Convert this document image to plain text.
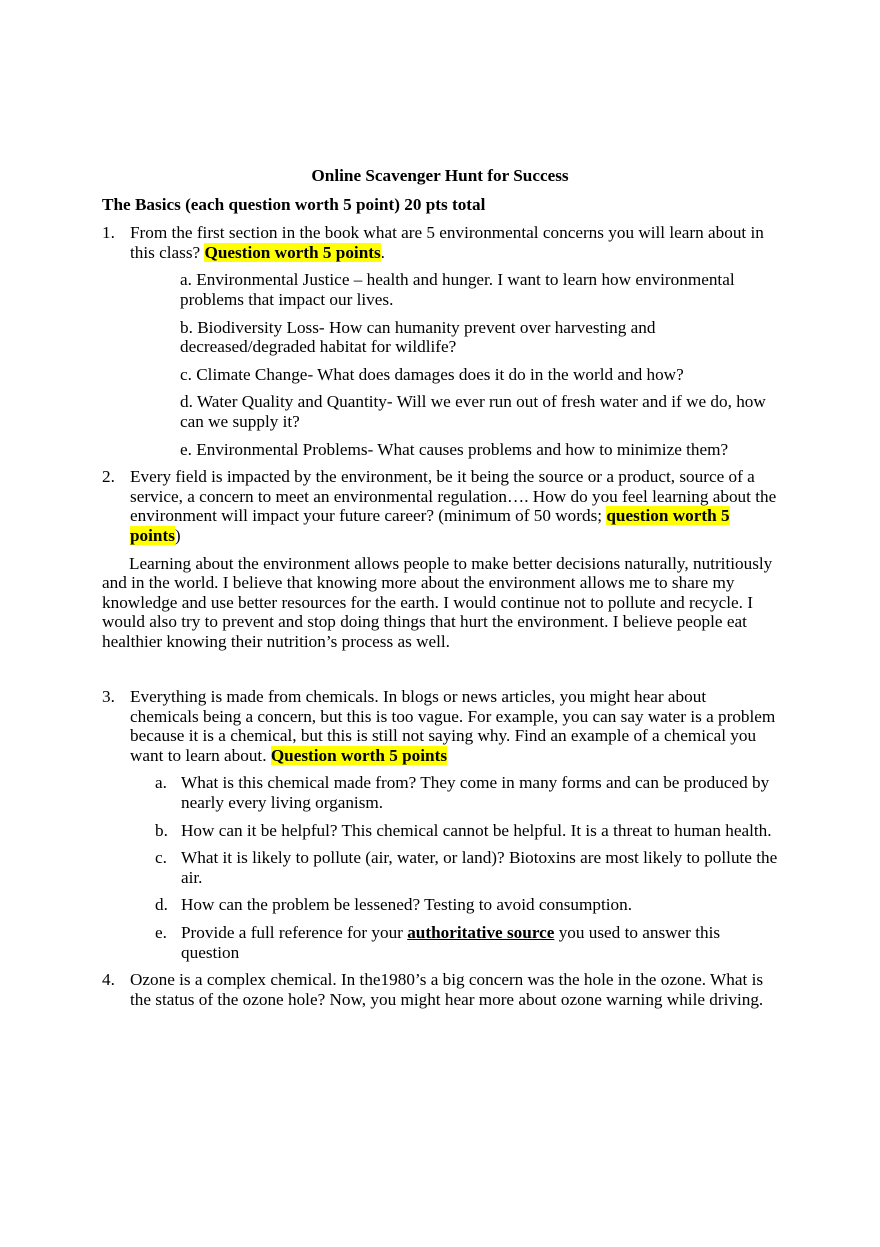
Online Scavenger Hunt for Success

The Basics (each question worth 5 point) 20 pts total

1. From the first section in the book what are 5 environmental concerns you will learn about in this class? Question worth 5 points.
a. Environmental Justice – health and hunger. I want to learn how environmental problems that impact our lives.
b. Biodiversity Loss- How can humanity prevent over harvesting and decreased/degraded habitat for wildlife?
c. Climate Change- What does damages does it do in the world and how?
d. Water Quality and Quantity- Will we ever run out of fresh water and if we do, how can we supply it?
e. Environmental Problems- What causes problems and how to minimize them?
2. Every field is impacted by the environment, be it being the source or a product, source of a service, a concern to meet an environmental regulation…. How do you feel learning about the environment will impact your future career? (minimum of 50 words; question worth 5 points)
Learning about the environment allows people to make better decisions naturally, nutritiously and in the world. I believe that knowing more about the environment allows me to share my knowledge and use better resources for the earth. I would continue not to pollute and recycle. I would also try to prevent and stop doing things that hurt the environment. I believe people eat healthier knowing their nutrition’s process as well.
3. Everything is made from chemicals. In blogs or news articles, you might hear about chemicals being a concern, but this is too vague. For example, you can say water is a problem because it is a chemical, but this is still not saying why. Find an example of a chemical you want to learn about. Question worth 5 points
a. What is this chemical made from? They come in many forms and can be produced by nearly every living organism.
b. How can it be helpful? This chemical cannot be helpful. It is a threat to human health.
c. What it is likely to pollute (air, water, or land)? Biotoxins are most likely to pollute the air.
d. How can the problem be lessened? Testing to avoid consumption.
e. Provide a full reference for your authoritative source you used to answer this question
4. Ozone is a complex chemical. In the1980’s a big concern was the hole in the ozone. What is the status of the ozone hole? Now, you might hear more about ozone warning while driving.
